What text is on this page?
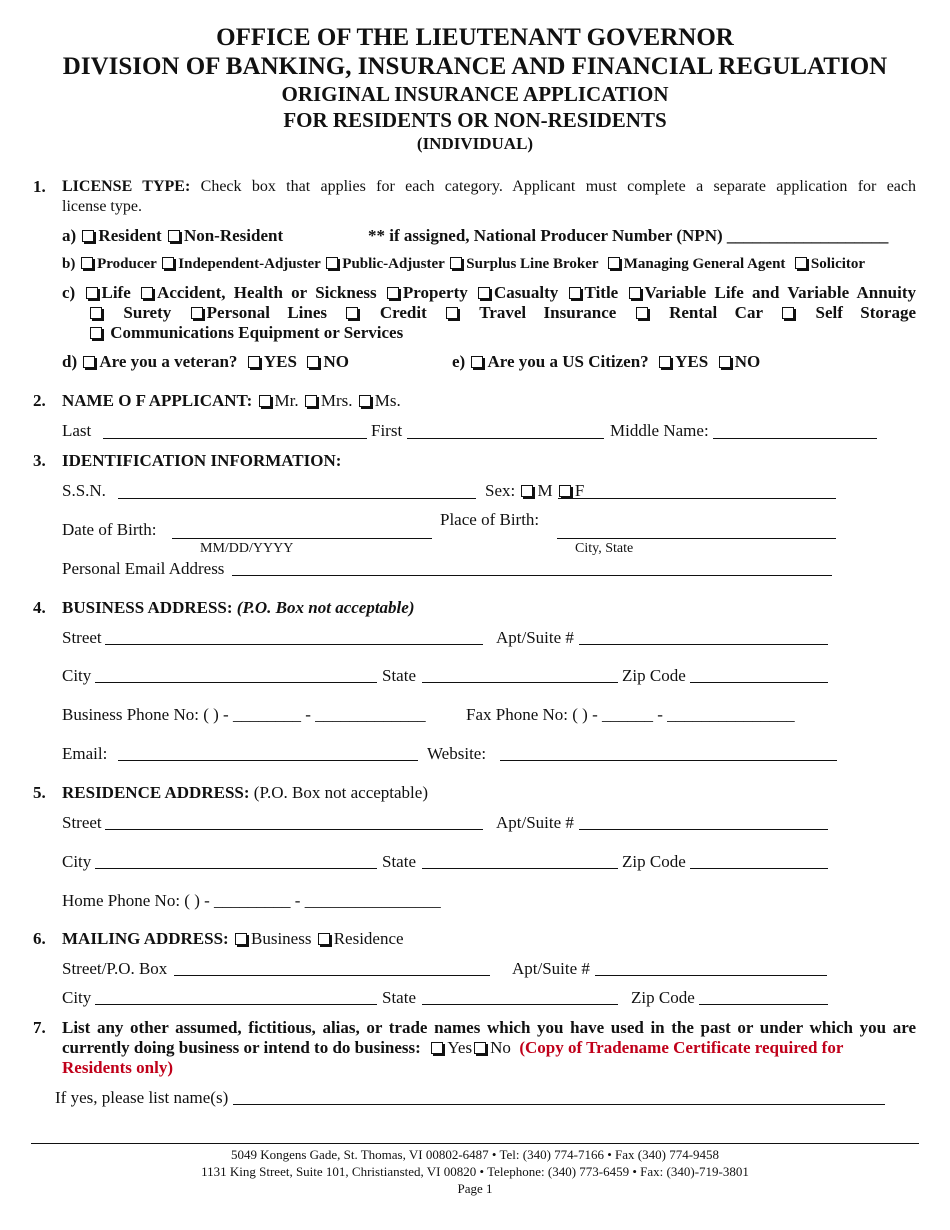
OFFICE OF THE LIEUTENANT GOVERNOR
DIVISION OF BANKING, INSURANCE AND FINANCIAL REGULATION
ORIGINAL INSURANCE APPLICATION
FOR RESIDENTS OR NON-RESIDENTS
(INDIVIDUAL)
1. LICENSE TYPE: Check box that applies for each category. Applicant must complete a separate application for each
license type.
a) Resident Non-Resident	** if assigned, National Producer Number (NPN) ___________________
b) Producer Independent-Adjuster Public-Adjuster Surplus Line Broker Managing General Agent Solicitor
c) Life Accident, Health or Sickness Property Casualty Title Variable Life and Variable Annuity
Surety Personal Lines	Credit	Travel Insurance	Rental Car	Self Storage
Communications Equipment or Services
d) Are you a veteran? YES NO	e) Are you a US Citizen? YES NO
2. NAME O F APPLICANT: Mr. Mrs. Ms.
Last	First	Middle Name:
3. IDENTIFICATION INFORMATION:
S.S.N.	Sex: M F
Date of Birth:
MM/DD/YYYY
Place of Birth:
City, State
Personal Email Address
4. BUSINESS ADDRESS: (P.O. Box not acceptable)
Street	Apt/Suite #
City	State	Zip Code
Business Phone No: ( ) - ________ - _____________ Fax Phone No: ( ) - ______ - _______________
Email:	Website:
5. RESIDENCE ADDRESS: (P.O. Box not acceptable)
Street	Apt/Suite #
City	State	Zip Code
Home Phone No: ( ) - _________ - ________________
6. MAILING ADDRESS: Business Residence
Street/P.O. Box	Apt/Suite #
City	State	Zip Code
7. List any other assumed, fictitious, alias, or trade names which you have used in the past or under which you are
currently doing business or intend to do business: Yes No (Copy of Tradename Certificate required for
Residents only)
If yes, please list name(s)
5049 Kongens Gade, St. Thomas, VI 00802-6487 • Tel: (340) 774-7166 • Fax (340) 774-9458
1131 King Street, Suite 101, Christiansted, VI 00820 • Telephone: (340) 773-6459 • Fax: (340)-719-3801
Page 1
